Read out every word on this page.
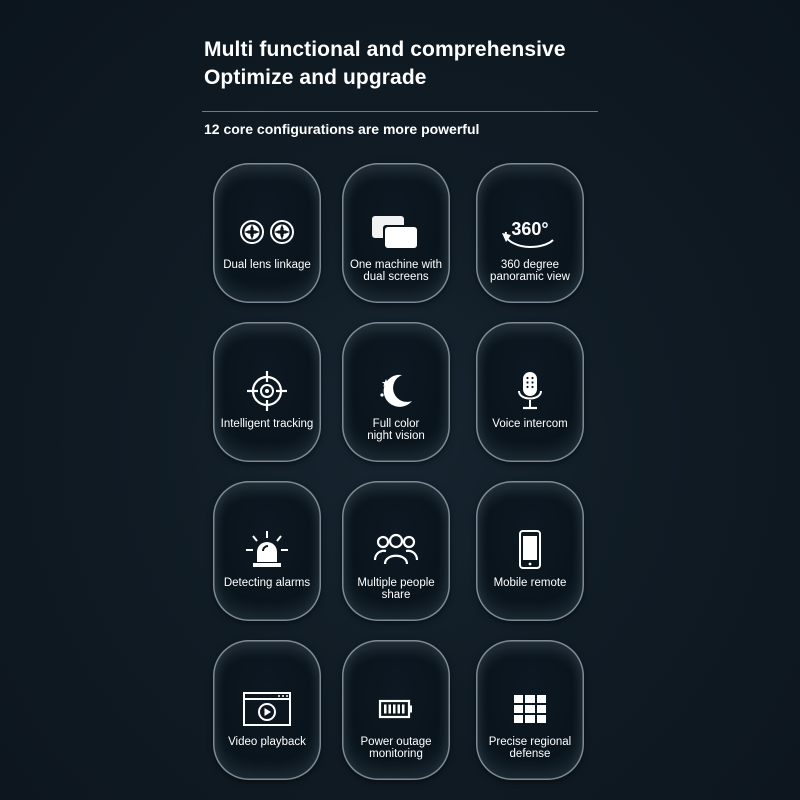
Multi functional and comprehensive
Optimize and upgrade
12 core configurations are more powerful
Dual lens linkage	One machine with
dual screens
360°
360 degree
panoramic view
Intelligent tracking	Full color
night vision
Voice intercom
Detecting alarms	Multiple people
share
Mobile remote
Video playback	Power outage
monitoring
Precise regional
defense
